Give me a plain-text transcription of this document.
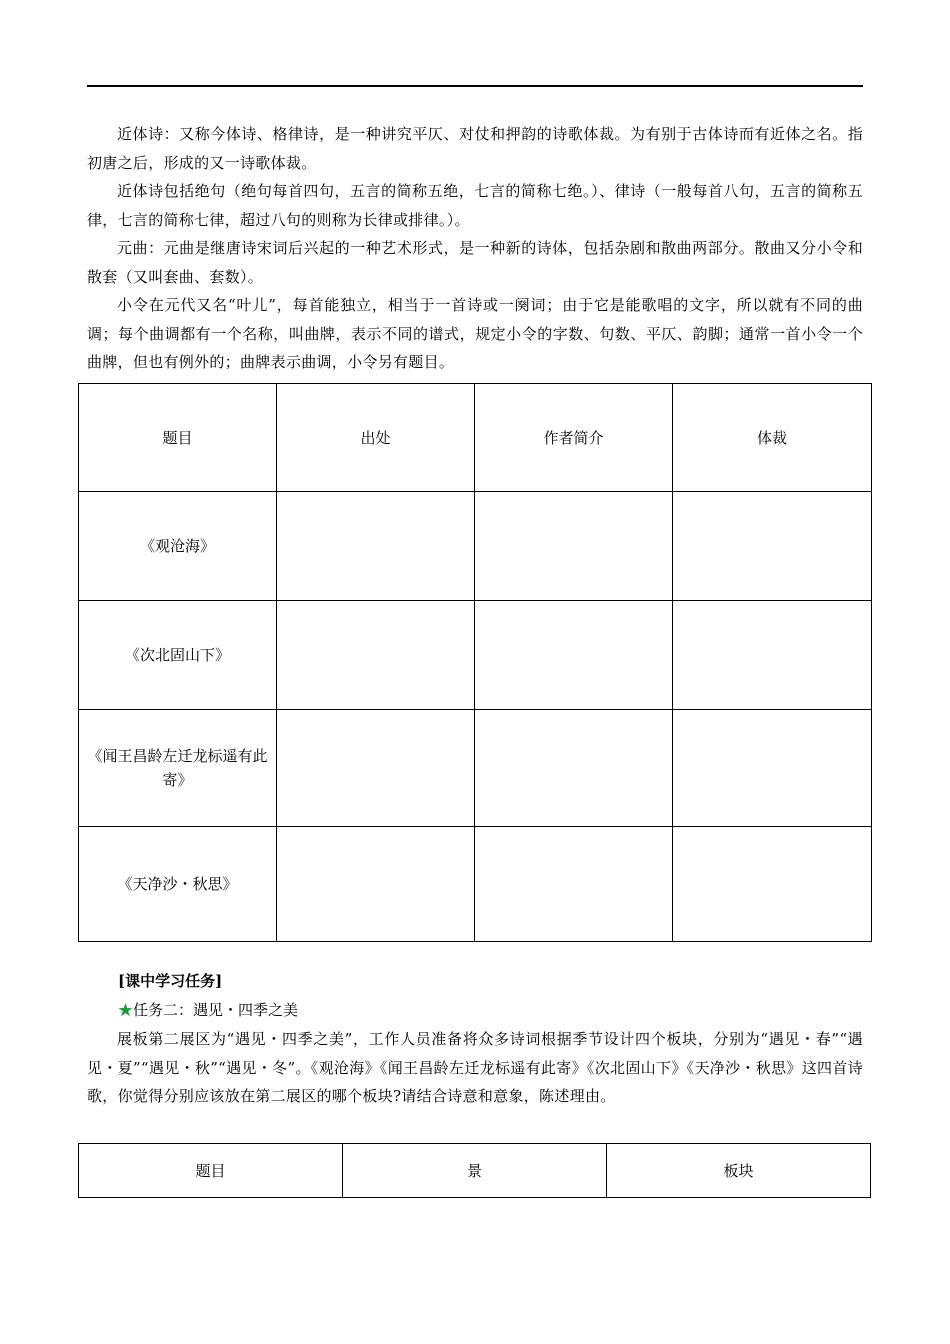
近体诗：又称今体诗、格律诗，是一种讲究平仄、对仗和押韵的诗歌体裁。为有别于古体诗而有近体之名。指初唐之后，形成的又一诗歌体裁。

近体诗包括绝句（绝句每首四句，五言的简称五绝，七言的简称七绝。）、律诗（一般每首八句，五言的简称五律，七言的简称七律，超过八句的则称为长律或排律。）。

元曲：元曲是继唐诗宋词后兴起的一种艺术形式，是一种新的诗体，包括杂剧和散曲两部分。散曲又分小令和散套（又叫套曲、套数）。

小令在元代又名“叶儿”，每首能独立，相当于一首诗或一阕词；由于它是能歌唱的文字，所以就有不同的曲调；每个曲调都有一个名称，叫曲牌，表示不同的谱式，规定小令的字数、句数、平仄、韵脚；通常一首小令一个曲牌，但也有例外的；曲牌表示曲调，小令另有题目。

题目	出处	作者简介	体裁
《观沧海》			
《次北固山下》			
《闻王昌龄左迁龙标遥有此寄》			
《天净沙・秋思》			
[课中学习任务]
★任务二：遇见・四季之美

展板第二展区为“遇见・四季之美”，工作人员准备将众多诗词根据季节设计四个板块，分别为“遇见・春”“遇见・夏”“遇见・秋”“遇见・冬”。《观沧海》《闻王昌龄左迁龙标遥有此寄》《次北固山下》《天净沙・秋思》这四首诗歌，你觉得分别应该放在第二展区的哪个板块?请结合诗意和意象，陈述理由。

题目	景	板块
